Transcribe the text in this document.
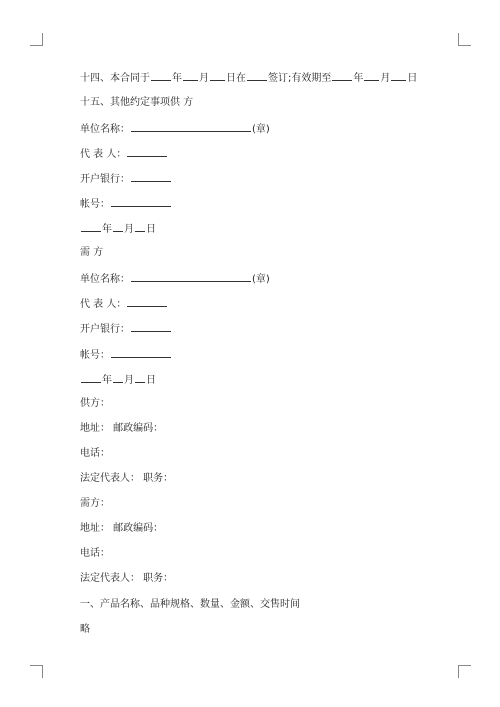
十四、本合同于 年 月 日在 签订;有效期至 年 月 日
十五、其他约定事项供 方
单位名称：	(章)
代 表 人：
开户银行：
帐号：
年 月 日
需 方
单位名称：	(章)
代 表 人：
开户银行：
帐号：
年 月 日
供方：
地址： 邮政编码：
电话：
法定代表人： 职务：
需方：
地址： 邮政编码：
电话：
法定代表人： 职务：
一、产品名称、品种规格、数量、金额、交售时间
略
